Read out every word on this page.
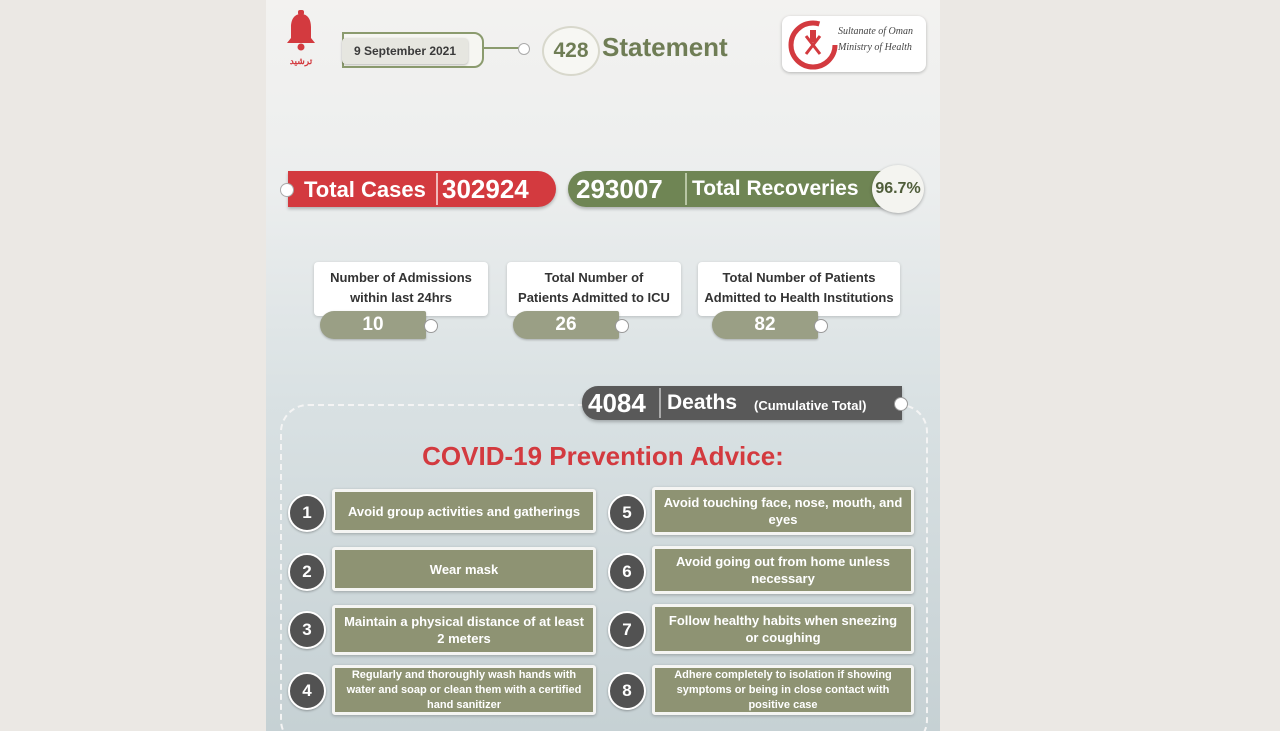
ترشيد
9 September 2021	428 Statement
Sultanate of Oman
Ministry of Health
Total Cases 302924 293007 Total Recoveries 96.7%
Number of Admissions
within last 24hrs
10
Total Number of
Patients Admitted to ICU
26
Total Number of Patients
Admitted to Health Institutions
82
4084 Deaths (Cumulative Total)
COVID-19 Prevention Advice:
1	Avoid group activities and gatherings
2	Wear mask
3	Maintain a physical distance of at least 2 meters
4
Regularly and thoroughly wash hands with water and soap or clean them with a certified hand sanitizer
5
Avoid touching face, nose, mouth, and eyes
6
Avoid going out from home unless necessary
7	Follow healthy habits when sneezing or coughing
8
Adhere completely to isolation if showing symptoms or being in close contact with positive case
